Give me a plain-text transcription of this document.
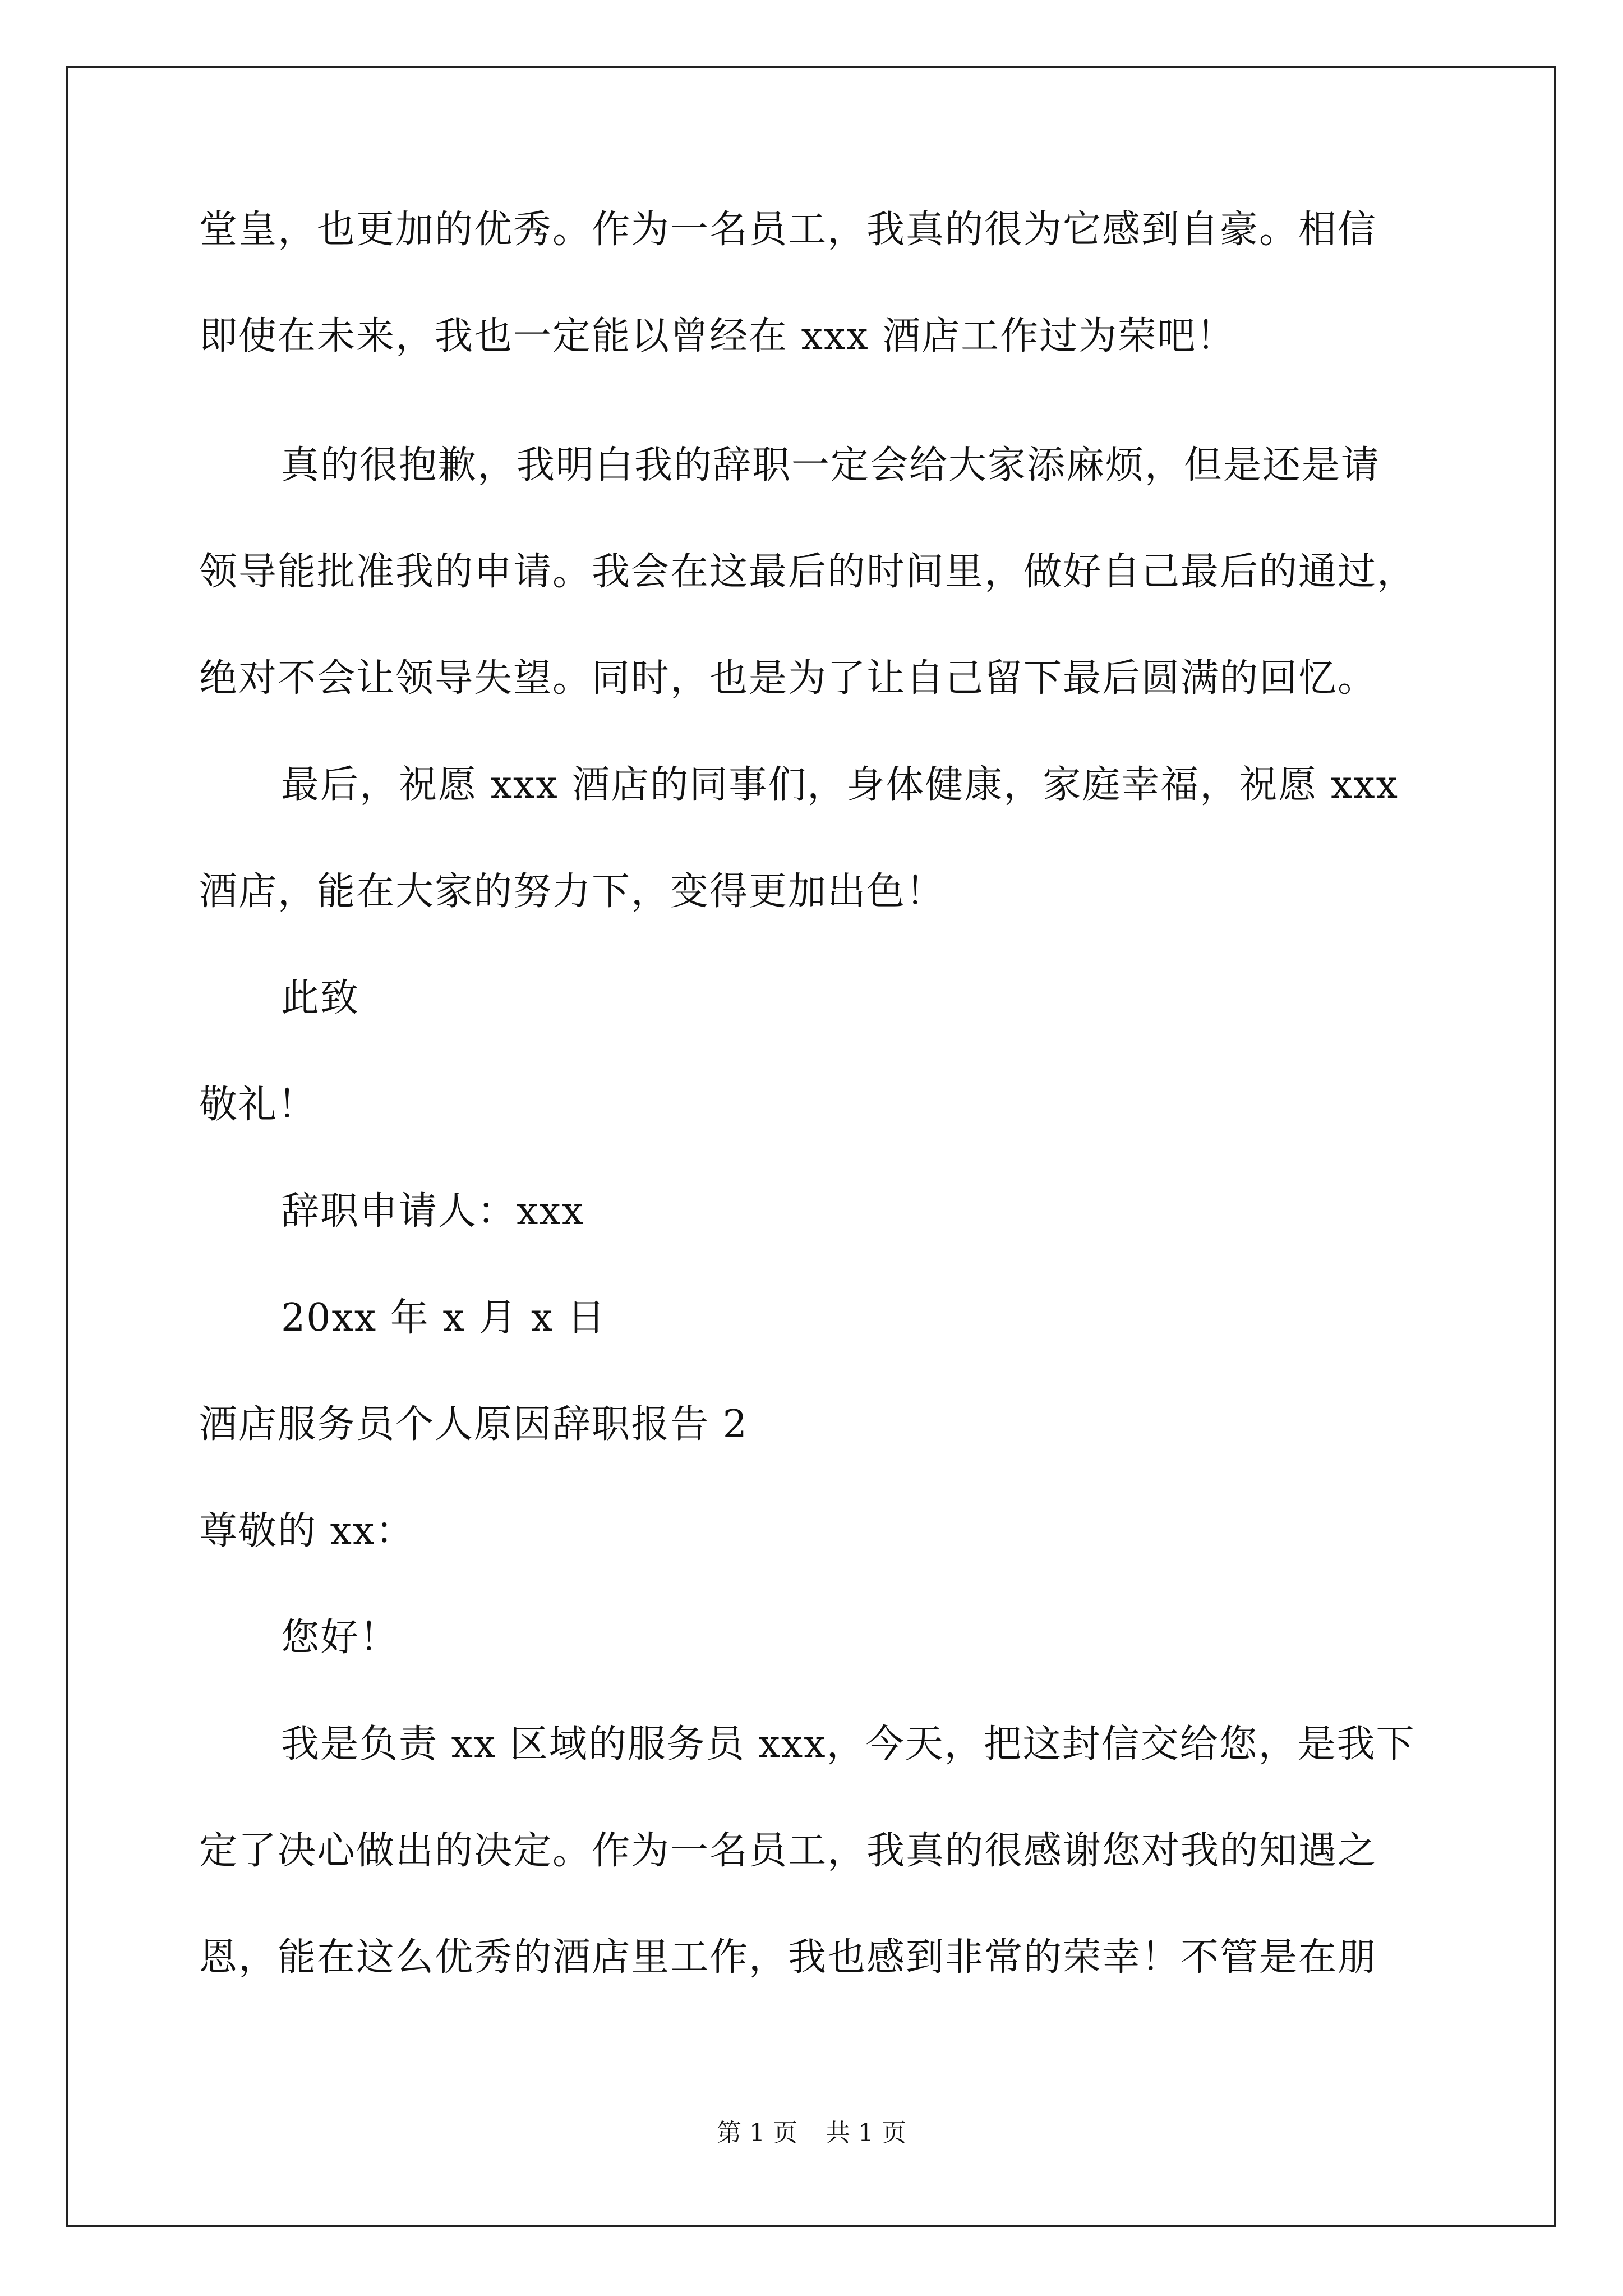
堂皇，也更加的优秀。作为一名员工，我真的很为它感到自豪。相信
即使在未来，我也一定能以曾经在 xxx 酒店工作过为荣吧！
真的很抱歉，我明白我的辞职一定会给大家添麻烦，但是还是请
领导能批准我的申请。我会在这最后的时间里，做好自己最后的通过，
绝对不会让领导失望。同时，也是为了让自己留下最后圆满的回忆。
最后，祝愿 xxx 酒店的同事们，身体健康，家庭幸福，祝愿 xxx
酒店，能在大家的努力下，变得更加出色！
此致
敬礼！
辞职申请人：xxx
20xx 年 x 月 x 日
酒店服务员个人原因辞职报告 2
尊敬的 xx：
您好！
我是负责 xx 区域的服务员 xxx，今天，把这封信交给您，是我下
定了决心做出的决定。作为一名员工，我真的很感谢您对我的知遇之
恩，能在这么优秀的酒店里工作，我也感到非常的荣幸！不管是在朋
第 1 页 共 1 页
